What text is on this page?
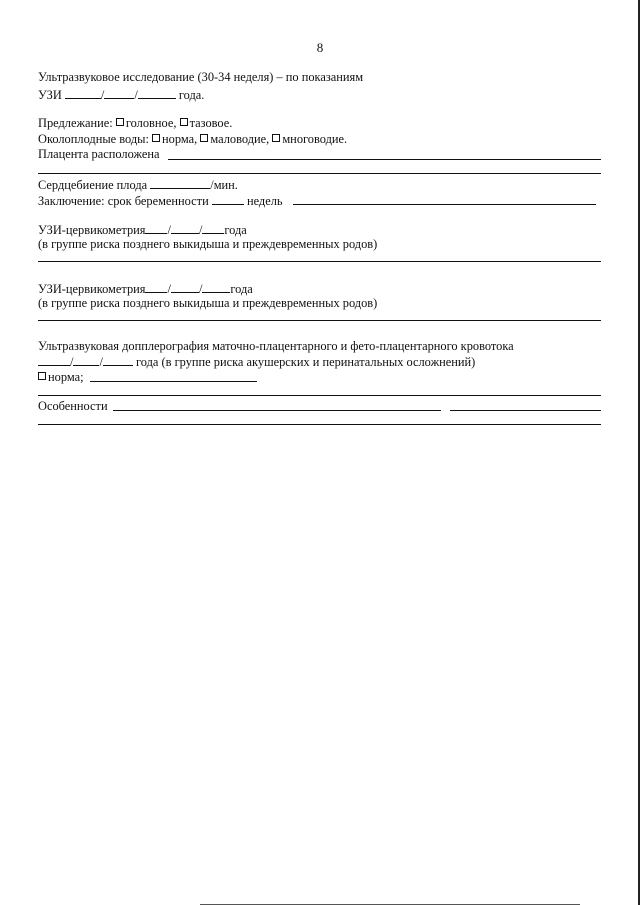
8
Ультразвуковое исследование (30-34 неделя) – по показаниям
УЗИ	/ /	года.
Предлежание: головное, тазовое.
Околоплодные воды: норма, маловодие, многоводие.
Плацента расположена
Сердцебиение плода	/мин.
Заключение: срок беременности	недель
УЗИ-цервикометрия / / года
(в группе риска позднего выкидыша и преждевременных родов)
УЗИ-цервикометрия / / года
(в группе риска позднего выкидыша и преждевременных родов)
Ультразвуковая допплерография маточно-плацентарного и фето-плацентарного кровотока
/ /	года (в группе риска акушерских и перинатальных осложнений)
норма;
Особенности
